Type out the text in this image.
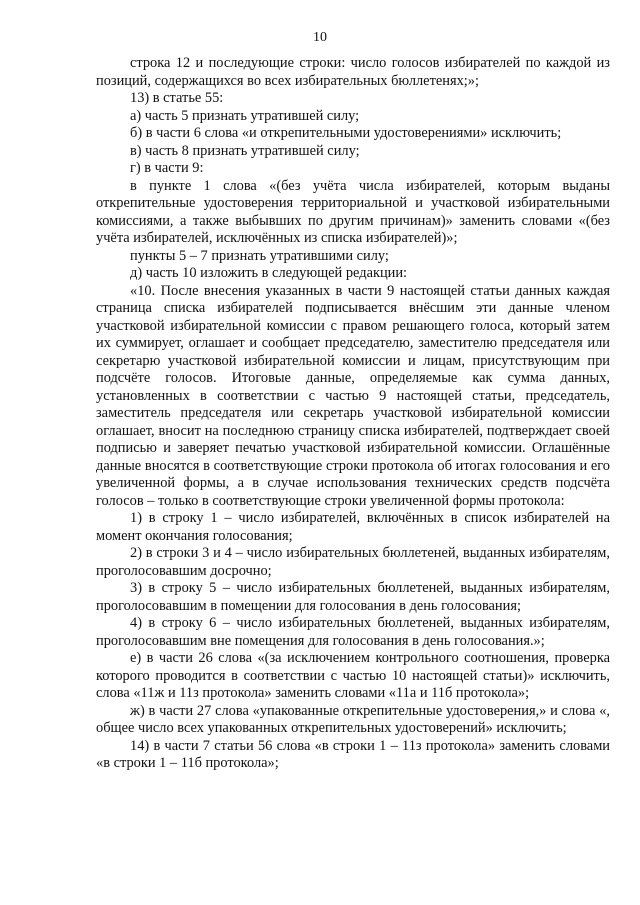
10

строка 12 и последующие строки: число голосов избирателей по каждой из позиций, содержащихся во всех избирательных бюллетенях;»;

13) в статье 55:

а) часть 5 признать утратившей силу;

б) в части 6 слова «и открепительными удостоверениями» исключить;

в) часть 8 признать утратившей силу;

г) в части 9:

в пункте 1 слова «(без учёта числа избирателей, которым выданы открепительные удостоверения территориальной и участковой избирательными комиссиями, а также выбывших по другим причинам)» заменить словами «(без учёта избирателей, исключённых из списка избирателей)»;

пункты 5 – 7 признать утратившими силу;

д) часть 10 изложить в следующей редакции:

«10. После внесения указанных в части 9 настоящей статьи данных каждая страница списка избирателей подписывается внёсшим эти данные членом участковой избирательной комиссии с правом решающего голоса, который затем их суммирует, оглашает и сообщает председателю, заместителю председателя или секретарю участковой избирательной комиссии и лицам, присутствующим при подсчёте голосов. Итоговые данные, определяемые как сумма данных, установленных в соответствии с частью 9 настоящей статьи, председатель, заместитель председателя или секретарь участковой избирательной комиссии оглашает, вносит на последнюю страницу списка избирателей, подтверждает своей подписью и заверяет печатью участковой избирательной комиссии. Оглашённые данные вносятся в соответствующие строки протокола об итогах голосования и его увеличенной формы, а в случае использования технических средств подсчёта голосов – только в соответствующие строки увеличенной формы протокола:

1) в строку 1 – число избирателей, включённых в список избирателей на момент окончания голосования;

2) в строки 3 и 4 – число избирательных бюллетеней, выданных избирателям, проголосовавшим досрочно;

3) в строку 5 – число избирательных бюллетеней, выданных избирателям, проголосовавшим в помещении для голосования в день голосования;

4) в строку 6 – число избирательных бюллетеней, выданных избирателям, проголосовавшим вне помещения для голосования в день голосования.»;

е) в части 26 слова «(за исключением контрольного соотношения, проверка которого проводится в соответствии с частью 10 настоящей статьи)» исключить, слова «11ж и 11з протокола» заменить словами «11а и 11б протокола»;

ж) в части 27 слова «упакованные открепительные удостоверения,» и слова «, общее число всех упакованных открепительных удостоверений» исключить;

14) в части 7 статьи 56 слова «в строки 1 – 11з протокола» заменить словами «в строки 1 – 11б протокола»;
